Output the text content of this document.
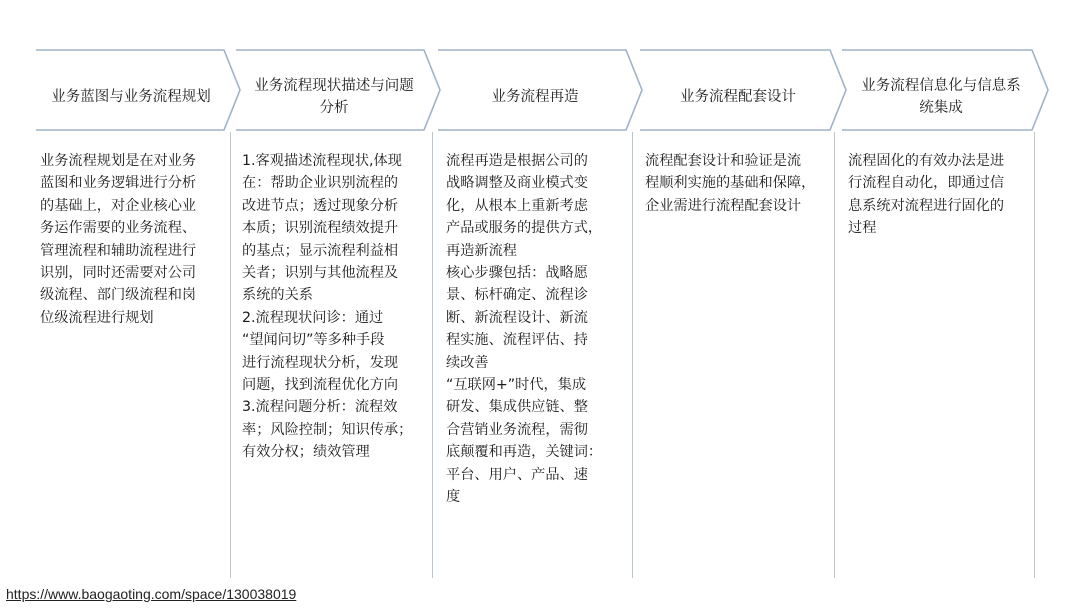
业务蓝图与业务流程规划
业务流程现状描述与问题
分析
业务流程再造	业务流程配套设计
业务流程信息化与信息系
统集成
业务流程规划是在对业务
蓝图和业务逻辑进行分析
的基础上，对企业核心业
务运作需要的业务流程、
管理流程和辅助流程进行
识别，同时还需要对公司
级流程、部门级流程和岗
位级流程进行规划
1.客观描述流程现状,体现
在：帮助企业识别流程的
改进节点；透过现象分析
本质；识别流程绩效提升
的基点；显示流程利益相
关者；识别与其他流程及
系统的关系
2.流程现状问诊：通过
“望闻问切”等多种手段
进行流程现状分析，发现
问题，找到流程优化方向
3.流程问题分析：流程效
率；风险控制；知识传承；
有效分权；绩效管理
流程再造是根据公司的
战略调整及商业模式变
化，从根本上重新考虑
产品或服务的提供方式，
再造新流程
核心步骤包括：战略愿
景、标杆确定、流程诊
断、新流程设计、新流
程实施、流程评估、持
续改善
“互联网+”时代，集成
研发、集成供应链、整
合营销业务流程，需彻
底颠覆和再造，关键词：
平台、用户、产品、速
度
流程配套设计和验证是流
程顺利实施的基础和保障，
企业需进行流程配套设计
流程固化的有效办法是进
行流程自动化，即通过信
息系统对流程进行固化的
过程
https://www.baogaoting.com/space/130038019
